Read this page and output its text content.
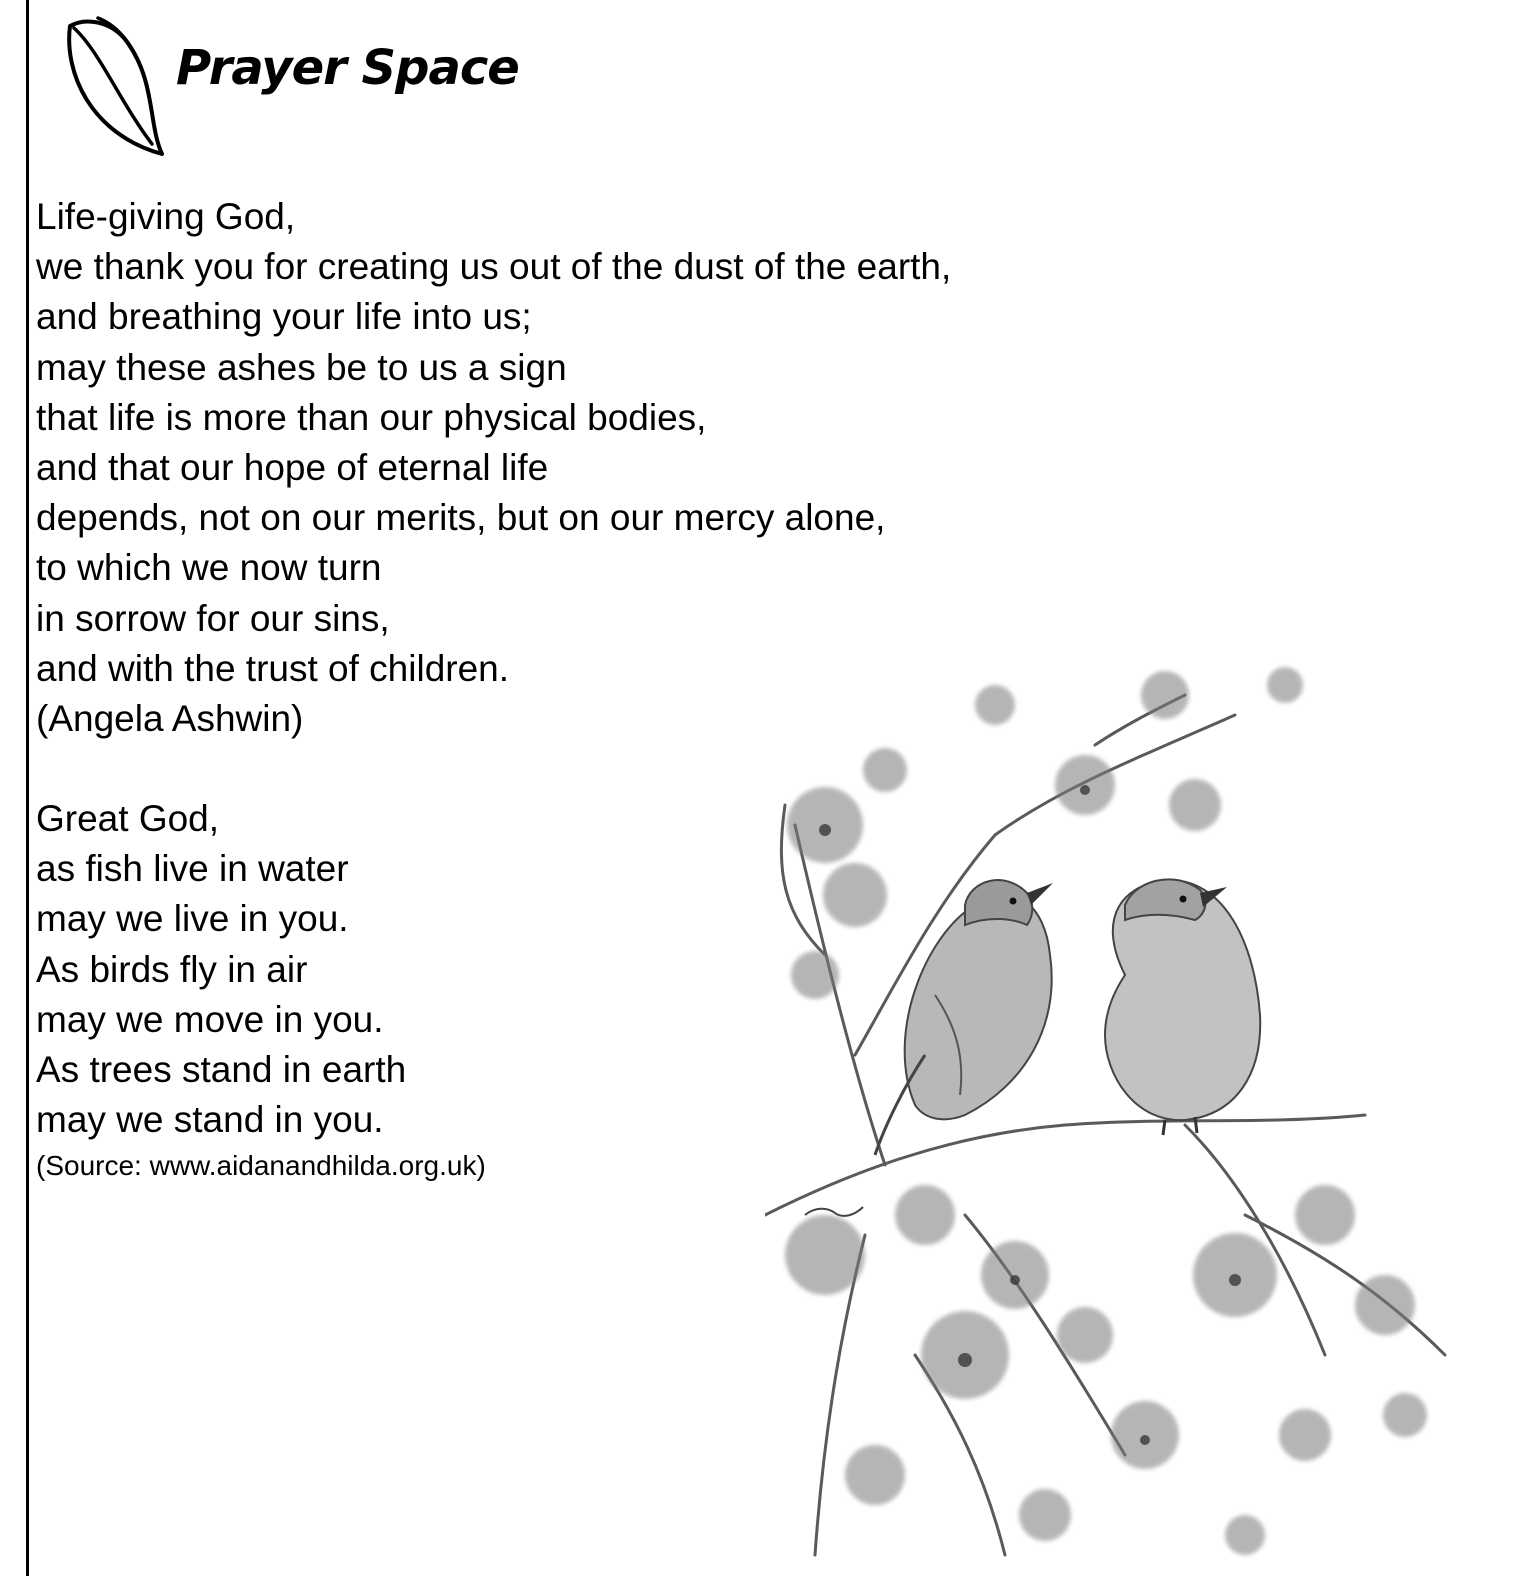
Prayer Space
Life-giving God,
we thank you for creating us out of the dust of the earth,
and breathing your life into us;
may these ashes be to us a sign
that life is more than our physical bodies,
and that our hope of eternal life
depends, not on our merits, but on our mercy alone,
to which we now turn
in sorrow for our sins,
and with the trust of children.
(Angela Ashwin)
Great God,
as fish live in water
may we live in you.
As birds fly in air
may we move in you.
As trees stand in earth
may we stand in you.
(Source: www.aidanandhilda.org.uk)
